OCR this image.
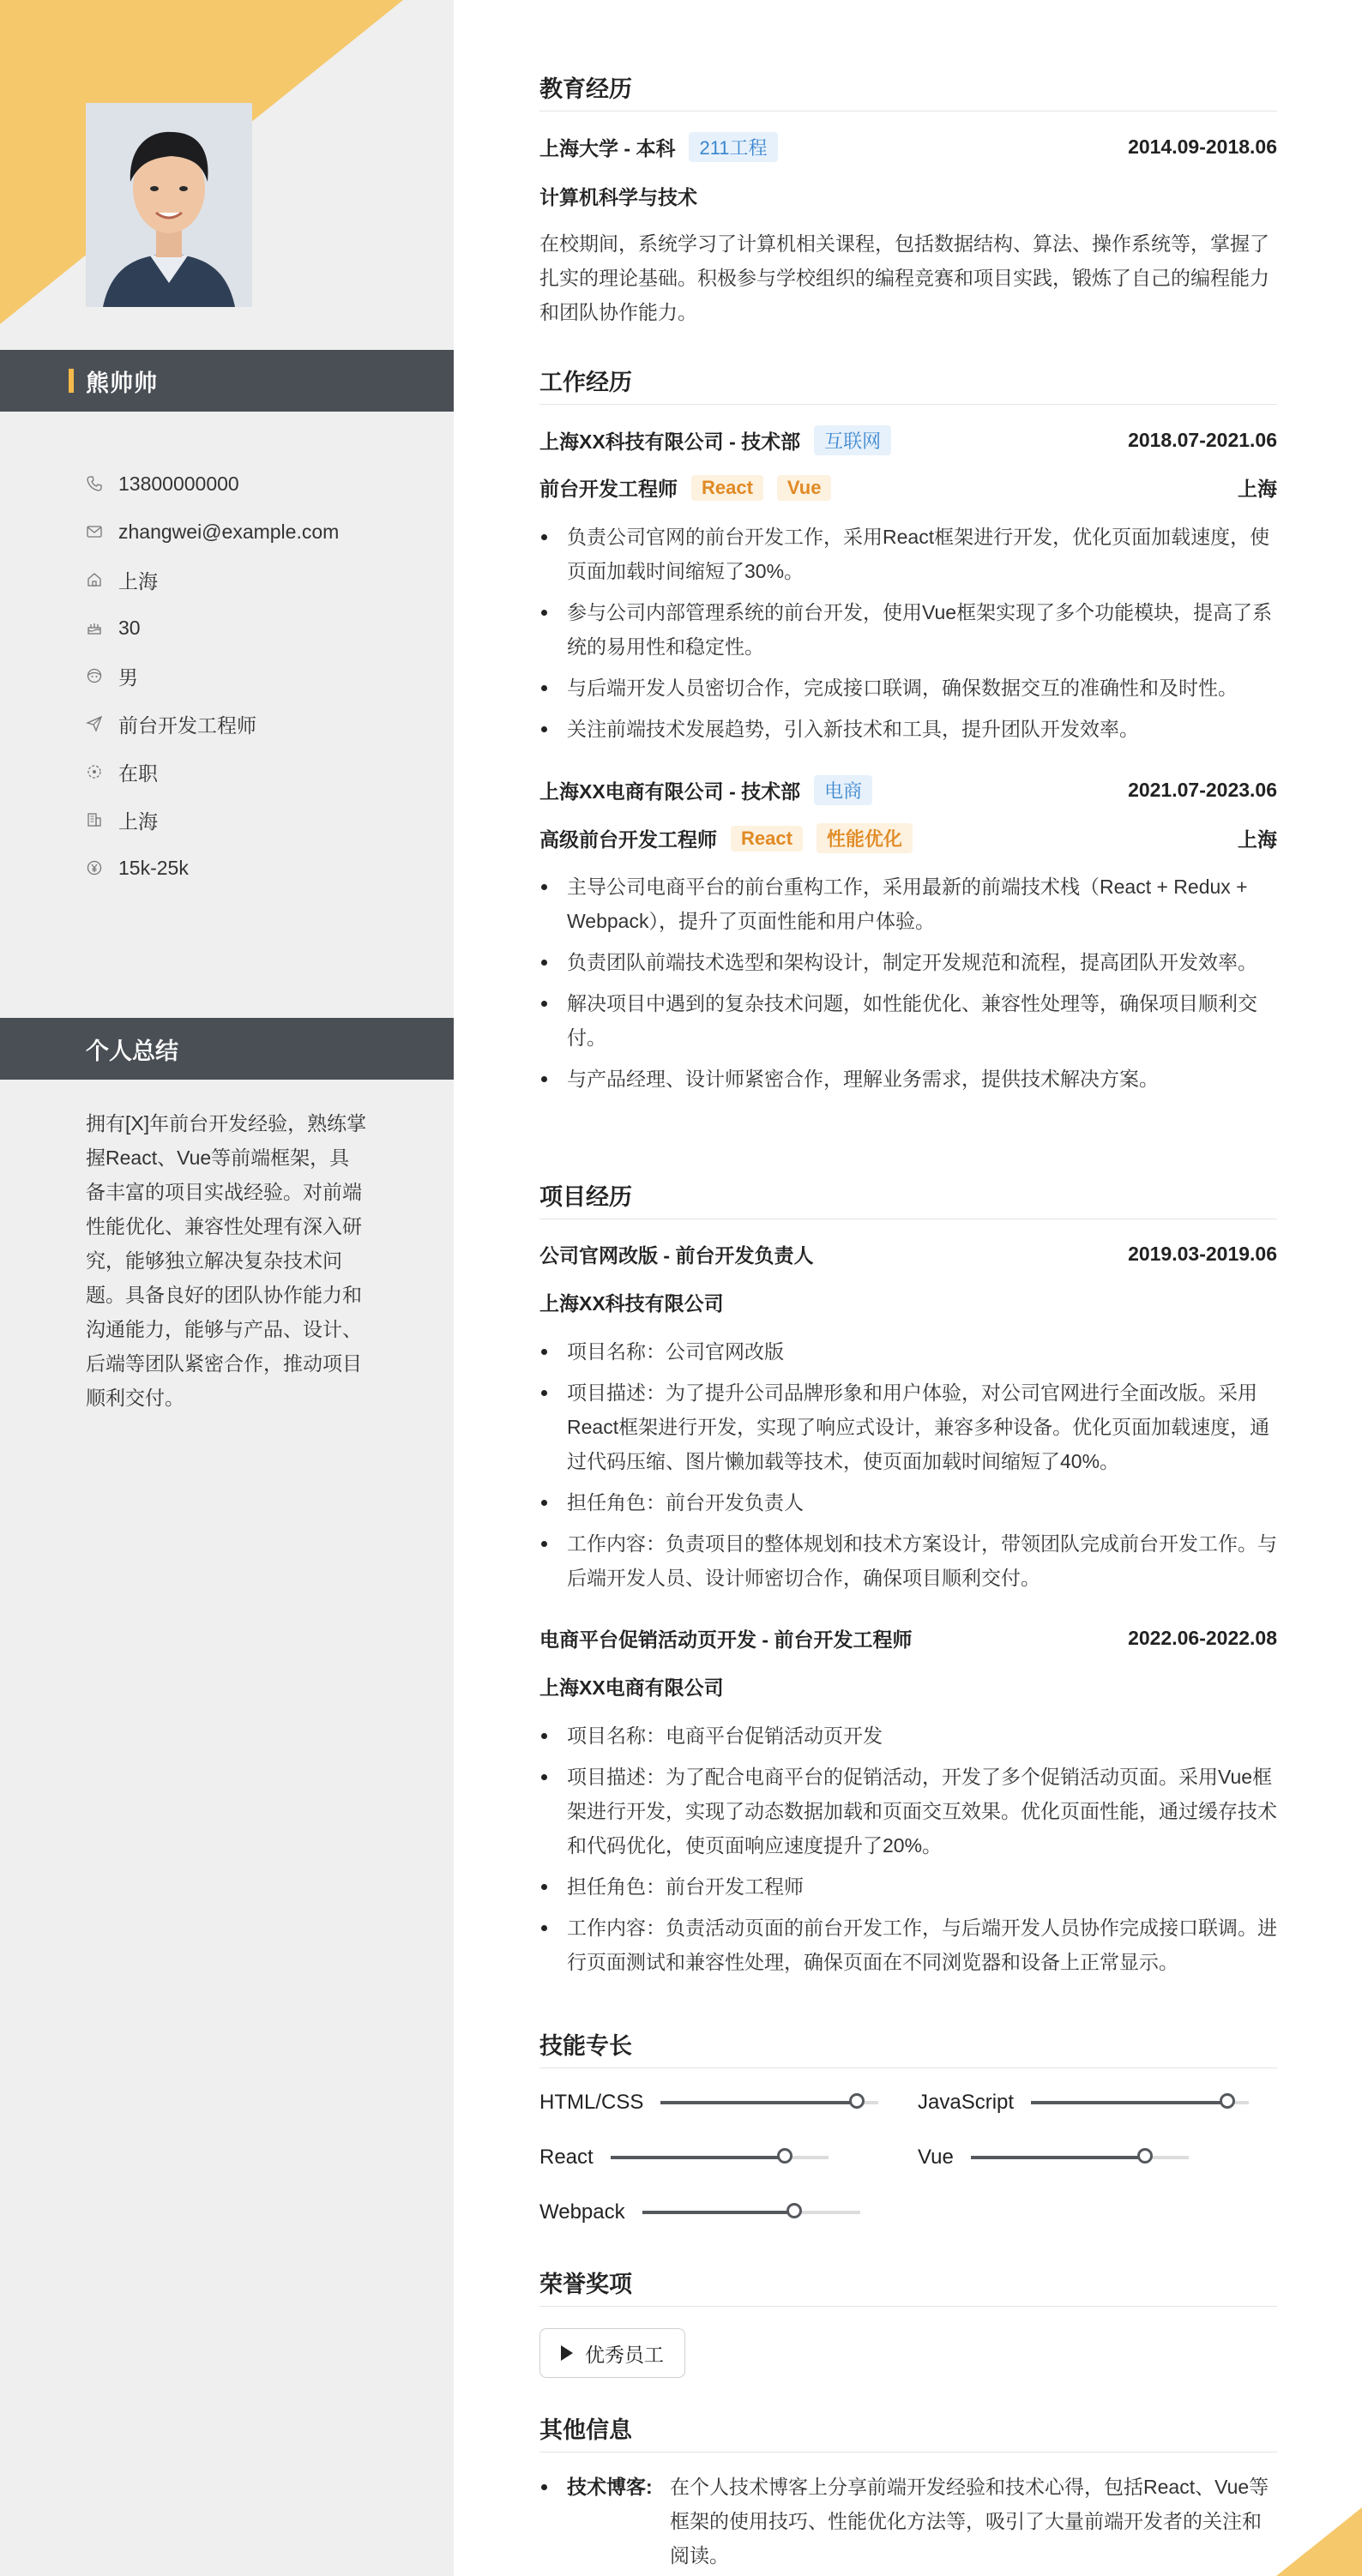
熊帅帅
13800000000
zhangwei@example.com
上海
30
男
前台开发工程师
在职
上海
15k-25k
个人总结
拥有[X]年前台开发经验，熟练掌握React、Vue等前端框架，具备丰富的项目实战经验。对前端性能优化、兼容性处理有深入研究，能够独立解决复杂技术问题。具备良好的团队协作能力和沟通能力，能够与产品、设计、后端等团队紧密合作，推动项目顺利交付。
教育经历
上海大学 - 本科	211工程	2014.09-2018.06
计算机科学与技术
在校期间，系统学习了计算机相关课程，包括数据结构、算法、操作系统等，掌握了扎实的理论基础。积极参与学校组织的编程竞赛和项目实践，锻炼了自己的编程能力和团队协作能力。
工作经历
上海XX科技有限公司 - 技术部	互联网	2018.07-2021.06
前台开发工程师	React	Vue	上海
负责公司官网的前台开发工作，采用React框架进行开发，优化页面加载速度，使页面加载时间缩短了30%。
参与公司内部管理系统的前台开发，使用Vue框架实现了多个功能模块，提高了系统的易用性和稳定性。
与后端开发人员密切合作，完成接口联调，确保数据交互的准确性和及时性。
关注前端技术发展趋势，引入新技术和工具，提升团队开发效率。
上海XX电商有限公司 - 技术部	电商	2021.07-2023.06
高级前台开发工程师	React	性能优化	上海
主导公司电商平台的前台重构工作，采用最新的前端技术栈（React + Redux + Webpack），提升了页面性能和用户体验。
负责团队前端技术选型和架构设计，制定开发规范和流程，提高团队开发效率。
解决项目中遇到的复杂技术问题，如性能优化、兼容性处理等，确保项目顺利交付。
与产品经理、设计师紧密合作，理解业务需求，提供技术解决方案。
项目经历
公司官网改版 - 前台开发负责人	2019.03-2019.06
上海XX科技有限公司
项目名称：公司官网改版
项目描述：为了提升公司品牌形象和用户体验，对公司官网进行全面改版。采用React框架进行开发，实现了响应式设计，兼容多种设备。优化页面加载速度，通过代码压缩、图片懒加载等技术，使页面加载时间缩短了40%。
担任角色：前台开发负责人
工作内容：负责项目的整体规划和技术方案设计，带领团队完成前台开发工作。与后端开发人员、设计师密切合作，确保项目顺利交付。
电商平台促销活动页开发 - 前台开发工程师	2022.06-2022.08
上海XX电商有限公司
项目名称：电商平台促销活动页开发
项目描述：为了配合电商平台的促销活动，开发了多个促销活动页面。采用Vue框架进行开发，实现了动态数据加载和页面交互效果。优化页面性能，通过缓存技术和代码优化，使页面响应速度提升了20%。
担任角色：前台开发工程师
工作内容：负责活动页面的前台开发工作，与后端开发人员协作完成接口联调。进行页面测试和兼容性处理，确保页面在不同浏览器和设备上正常显示。
技能专长
HTML/CSS	JavaScript
React	Vue
Webpack
荣誉奖项
优秀员工
其他信息
技术博客: 在个人技术博客上分享前端开发经验和技术心得，包括React、Vue等框架的使用技巧、性能优化方法等，吸引了大量前端开发者的关注和阅读。
